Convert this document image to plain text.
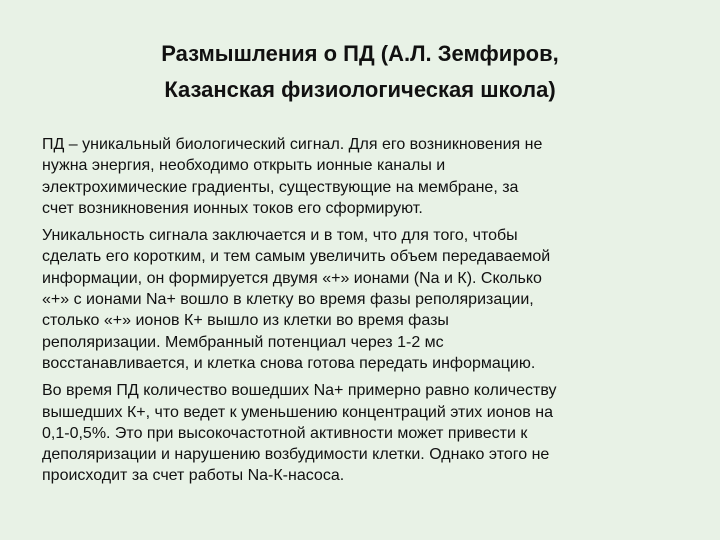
Размышления о ПД (А.Л. Земфиров,
Казанская физиологическая школа)

ПД – уникальный биологический сигнал. Для его возникновения не
нужна энергия, необходимо открыть ионные каналы и
электрохимические градиенты, существующие на мембране, за
счет возникновения ионных токов его сформируют.

Уникальность сигнала заключается и в том, что для того, чтобы
сделать его коротким, и тем самым увеличить объем передаваемой
информации, он формируется двумя «+» ионами (Na и К). Сколько
«+» с ионами Na+ вошло в клетку во время фазы реполяризации,
столько «+» ионов К+ вышло из клетки во время фазы
реполяризации. Мембранный потенциал через 1-2 мс
восстанавливается, и клетка снова готова передать информацию.

Во время ПД количество вошедших Na+ примерно равно количеству
вышедших К+, что ведет к уменьшению концентраций этих ионов на
0,1-0,5%. Это при высокочастотной активности может привести к
деполяризации и нарушению возбудимости клетки. Однако этого не
происходит за счет работы Na-К-насоса.
